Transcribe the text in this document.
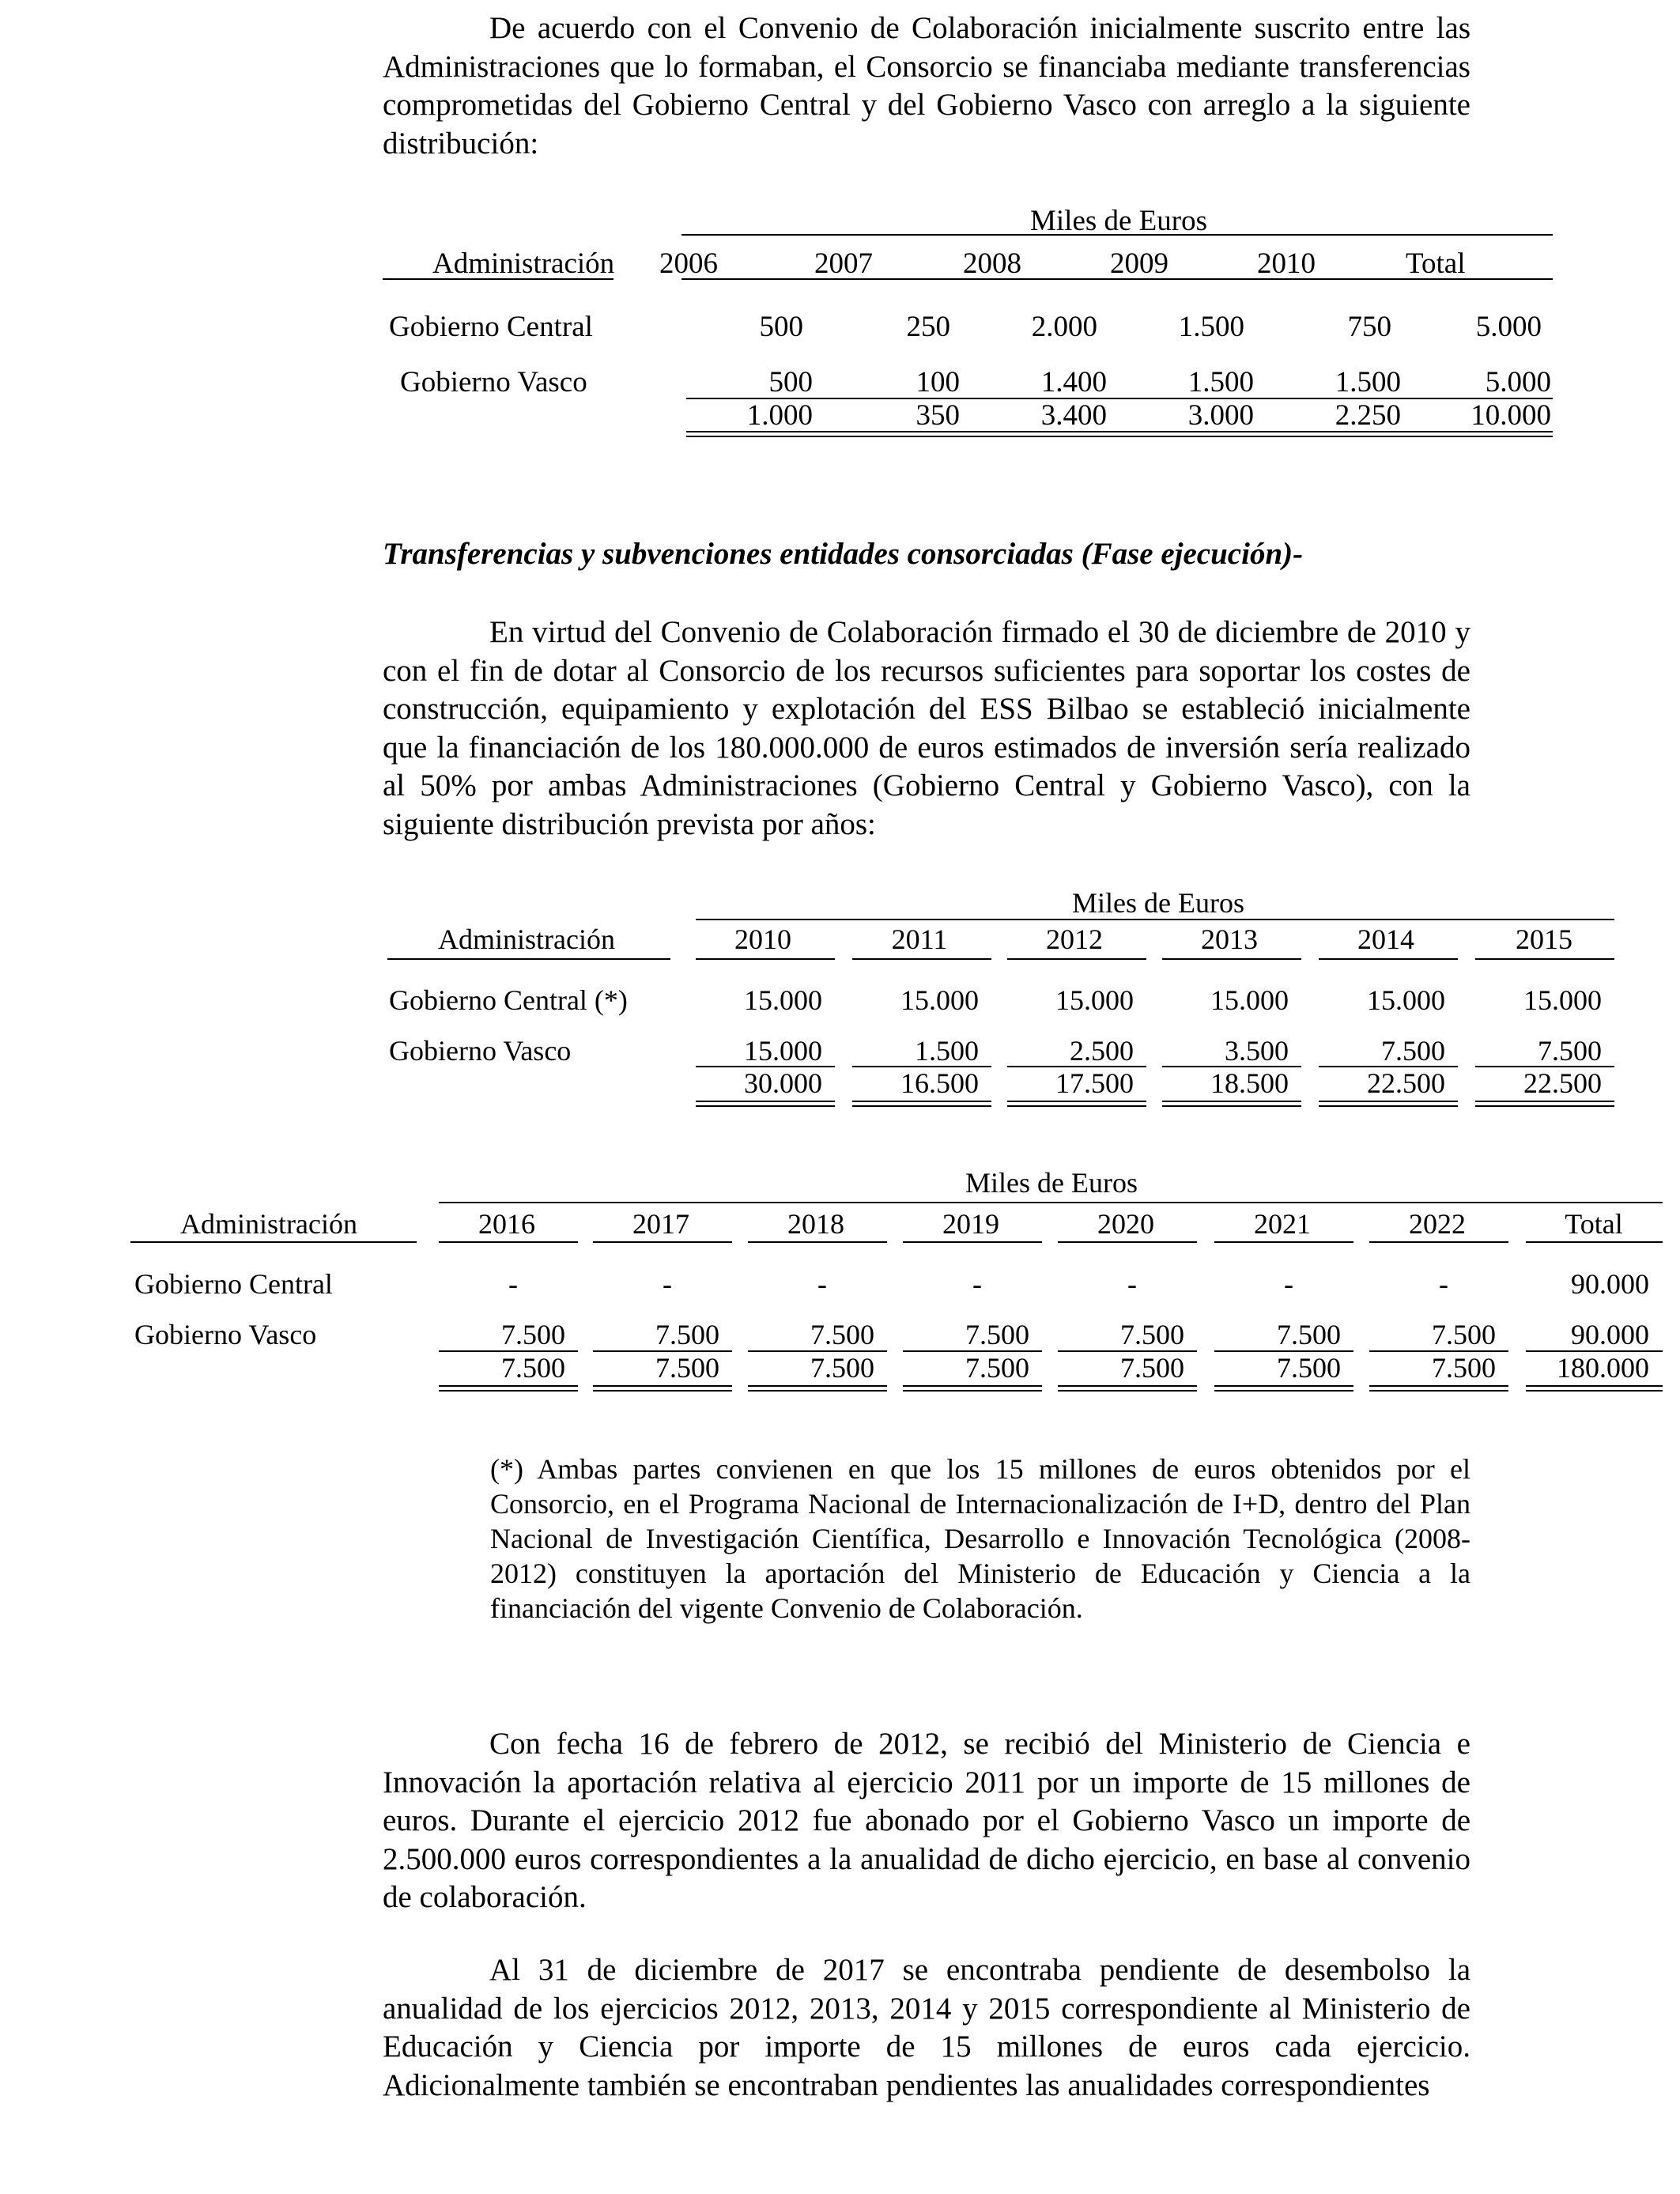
De acuerdo con el Convenio de Colaboración inicialmente suscrito entre las Administraciones que lo formaban, el Consorcio se financiaba mediante transferencias comprometidas del Gobierno Central y del Gobierno Vasco con arreglo a la siguiente distribución:

Miles de Euros
Administración 2006	2007	2008	2009	2010	Total
Gobierno Central	500	250	2.000	1.500	750	5.000
Gobierno Vasco	500	100	1.400	1.500	1.500	5.000
1.000	350	3.400	3.000	2.250	10.000

Transferencias y subvenciones entidades consorciadas (Fase ejecución)-

En virtud del Convenio de Colaboración firmado el 30 de diciembre de 2010 y con el fin de dotar al Consorcio de los recursos suficientes para soportar los costes de construcción, equipamiento y explotación del ESS Bilbao se estableció inicialmente que la financiación de los 180.000.000 de euros estimados de inversión sería realizado al 50% por ambas Administraciones (Gobierno Central y Gobierno Vasco), con la siguiente distribución prevista por años:

Miles de Euros
Administración	2010	2011	2012	2013	2014	2015
Gobierno Central (*)	15.000	15.000	15.000	15.000	15.000	15.000
Gobierno Vasco	15.000	1.500	2.500	3.500	7.500	7.500
30.000	16.500	17.500	18.500	22.500	22.500
Miles de Euros
Administración	2016	2017	2018	2019	2020	2021	2022	Total
Gobierno Central	-	-	-	-	-	-	-	90.000
Gobierno Vasco	7.500	7.500	7.500	7.500	7.500	7.500	7.500	90.000
7.500	7.500	7.500	7.500	7.500	7.500	7.500	180.000

(*) Ambas partes convienen en que los 15 millones de euros obtenidos por el Consorcio, en el Programa Nacional de Internacionalización de I+D, dentro del Plan Nacional de Investigación Científica, Desarrollo e Innovación Tecnológica (2008-2012) constituyen la aportación del Ministerio de Educación y Ciencia a la financiación del vigente Convenio de Colaboración.

Con fecha 16 de febrero de 2012, se recibió del Ministerio de Ciencia e Innovación la aportación relativa al ejercicio 2011 por un importe de 15 millones de euros. Durante el ejercicio 2012 fue abonado por el Gobierno Vasco un importe de 2.500.000 euros correspondientes a la anualidad de dicho ejercicio, en base al convenio de colaboración.

Al 31 de diciembre de 2017 se encontraba pendiente de desembolso la anualidad de los ejercicios 2012, 2013, 2014 y 2015 correspondiente al Ministerio de Educación y Ciencia por importe de 15 millones de euros cada ejercicio. Adicionalmente también se encontraban pendientes las anualidades correspondientes
